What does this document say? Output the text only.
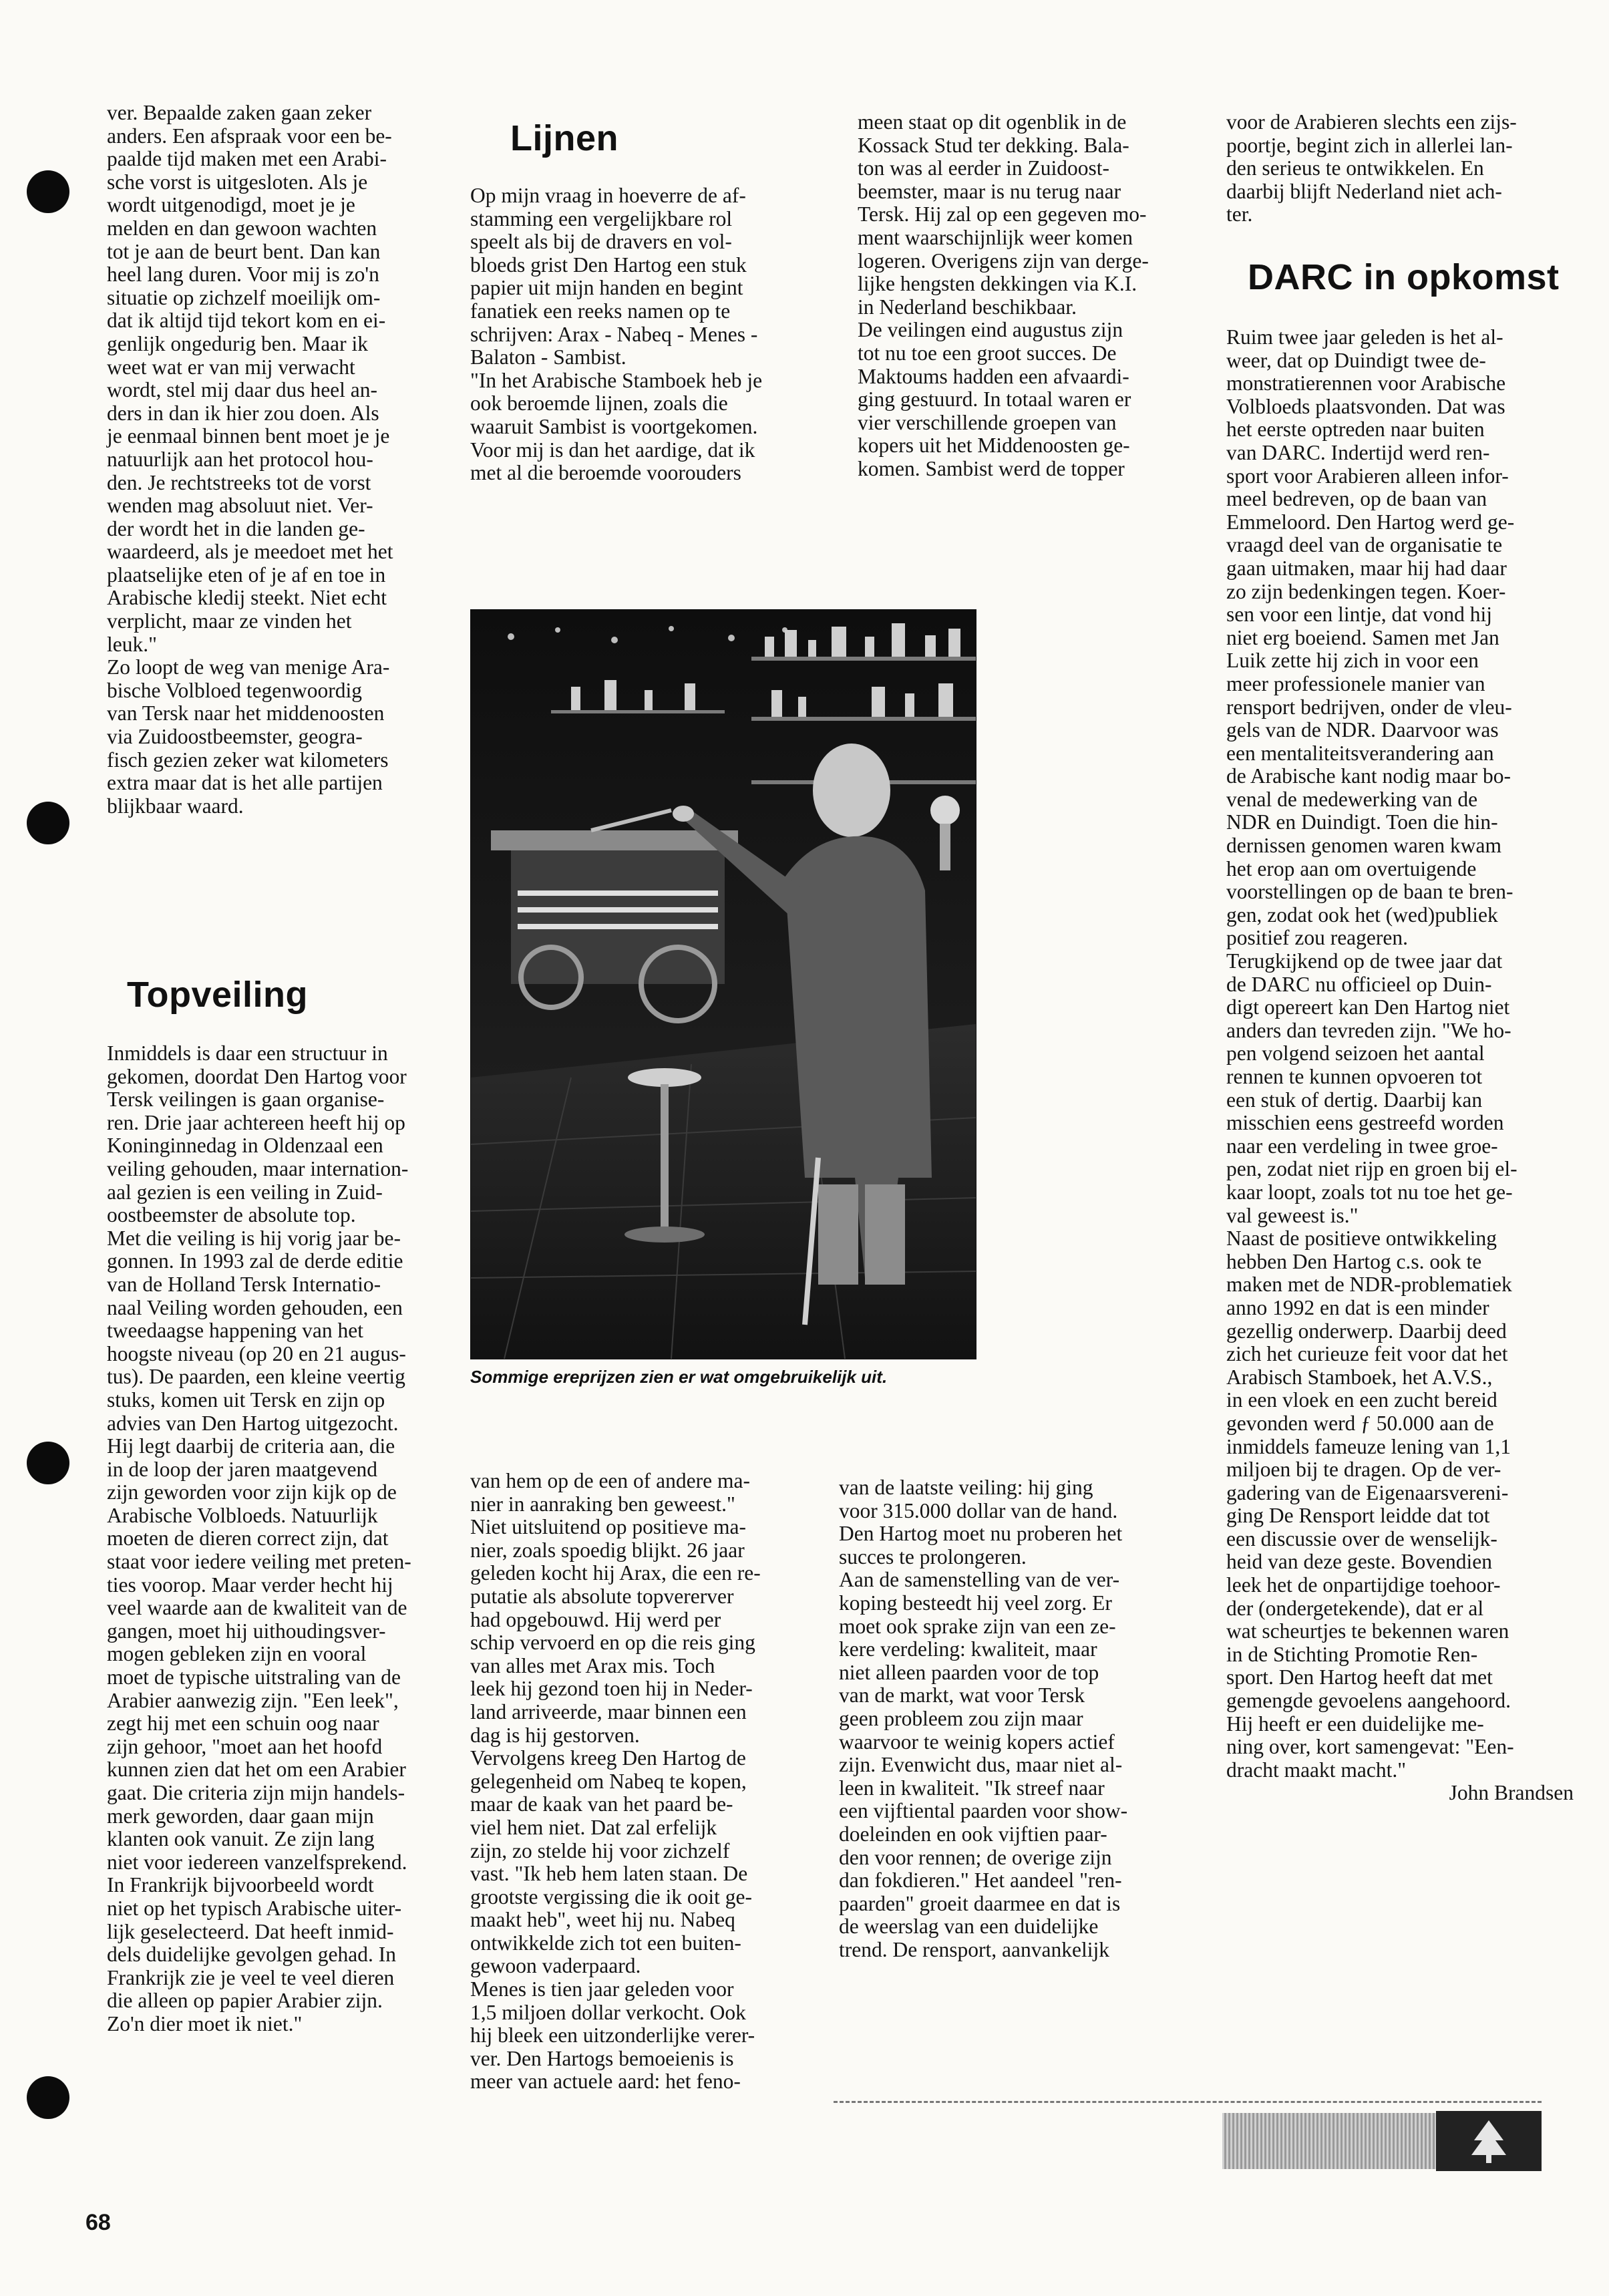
ver. Bepaalde zaken gaan zeker
anders. Een afspraak voor een be-
paalde tijd maken met een Arabi-
sche vorst is uitgesloten. Als je
wordt uitgenodigd, moet je je
melden en dan gewoon wachten
tot je aan de beurt bent. Dan kan
heel lang duren. Voor mij is zo'n
situatie op zichzelf moeilijk om-
dat ik altijd tijd tekort kom en ei-
genlijk ongedurig ben. Maar ik
weet wat er van mij verwacht
wordt, stel mij daar dus heel an-
ders in dan ik hier zou doen. Als
je eenmaal binnen bent moet je je
natuurlijk aan het protocol hou-
den. Je rechtstreeks tot de vorst
wenden mag absoluut niet. Ver-
der wordt het in die landen ge-
waardeerd, als je meedoet met het
plaatselijke eten of je af en toe in
Arabische kledij steekt. Niet echt
verplicht, maar ze vinden het
leuk."

Zo loopt de weg van menige Ara-
bische Volbloed tegenwoordig
van Tersk naar het middenoosten
via Zuidoostbeemster, geogra-
fisch gezien zeker wat kilometers
extra maar dat is het alle partijen
blijkbaar waard.

Topveiling

Inmiddels is daar een structuur in
gekomen, doordat Den Hartog voor
Tersk veilingen is gaan organise-
ren. Drie jaar achtereen heeft hij op
Koninginnedag in Oldenzaal een
veiling gehouden, maar internation-
aal gezien is een veiling in Zuid-
oostbeemster de absolute top.

Met die veiling is hij vorig jaar be-
gonnen. In 1993 zal de derde editie
van de Holland Tersk Internatio-
naal Veiling worden gehouden, een
tweedaagse happening van het
hoogste niveau (op 20 en 21 augus-
tus). De paarden, een kleine veertig
stuks, komen uit Tersk en zijn op
advies van Den Hartog uitgezocht.
Hij legt daarbij de criteria aan, die
in de loop der jaren maatgevend
zijn geworden voor zijn kijk op de
Arabische Volbloeds. Natuurlijk
moeten de dieren correct zijn, dat
staat voor iedere veiling met preten-
ties voorop. Maar verder hecht hij
veel waarde aan de kwaliteit van de
gangen, moet hij uithoudingsver-
mogen gebleken zijn en vooral
moet de typische uitstraling van de
Arabier aanwezig zijn. "Een leek",
zegt hij met een schuin oog naar
zijn gehoor, "moet aan het hoofd
kunnen zien dat het om een Arabier
gaat. Die criteria zijn mijn handels-
merk geworden, daar gaan mijn
klanten ook vanuit. Ze zijn lang
niet voor iedereen vanzelfsprekend.
In Frankrijk bijvoorbeeld wordt
niet op het typisch Arabische uiter-
lijk geselecteerd. Dat heeft inmid-
dels duidelijke gevolgen gehad. In
Frankrijk zie je veel te veel dieren
die alleen op papier Arabier zijn.
Zo'n dier moet ik niet."

Lijnen

Op mijn vraag in hoeverre de af-
stamming een vergelijkbare rol
speelt als bij de dravers en vol-
bloeds grist Den Hartog een stuk
papier uit mijn handen en begint
fanatiek een reeks namen op te
schrijven: Arax - Nabeq - Menes -
Balaton - Sambist.

"In het Arabische Stamboek heb je
ook beroemde lijnen, zoals die
waaruit Sambist is voortgekomen.
Voor mij is dan het aardige, dat ik
met al die beroemde voorouders

meen staat op dit ogenblik in de
Kossack Stud ter dekking. Bala-
ton was al eerder in Zuidoost-
beemster, maar is nu terug naar
Tersk. Hij zal op een gegeven mo-
ment waarschijnlijk weer komen
logeren. Overigens zijn van derge-
lijke hengsten dekkingen via K.I.
in Nederland beschikbaar.

De veilingen eind augustus zijn
tot nu toe een groot succes. De
Maktoums hadden een afvaardi-
ging gestuurd. In totaal waren er
vier verschillende groepen van
kopers uit het Middenoosten ge-
komen. Sambist werd de topper

Sommige ereprijzen zien er wat omgebruikelijk uit.

van hem op de een of andere ma-
nier in aanraking ben geweest."
Niet uitsluitend op positieve ma-
nier, zoals spoedig blijkt. 26 jaar
geleden kocht hij Arax, die een re-
putatie als absolute topvererver
had opgebouwd. Hij werd per
schip vervoerd en op die reis ging
van alles met Arax mis. Toch
leek hij gezond toen hij in Neder-
land arriveerde, maar binnen een
dag is hij gestorven.

Vervolgens kreeg Den Hartog de
gelegenheid om Nabeq te kopen,
maar de kaak van het paard be-
viel hem niet. Dat zal erfelijk
zijn, zo stelde hij voor zichzelf
vast. "Ik heb hem laten staan. De
grootste vergissing die ik ooit ge-
maakt heb", weet hij nu. Nabeq
ontwikkelde zich tot een buiten-
gewoon vaderpaard.

Menes is tien jaar geleden voor
1,5 miljoen dollar verkocht. Ook
hij bleek een uitzonderlijke verer-
ver. Den Hartogs bemoeienis is
meer van actuele aard: het feno-

van de laatste veiling: hij ging
voor 315.000 dollar van de hand.
Den Hartog moet nu proberen het
succes te prolongeren.

Aan de samenstelling van de ver-
koping besteedt hij veel zorg. Er
moet ook sprake zijn van een ze-
kere verdeling: kwaliteit, maar
niet alleen paarden voor de top
van de markt, wat voor Tersk
geen probleem zou zijn maar
waarvoor te weinig kopers actief
zijn. Evenwicht dus, maar niet al-
leen in kwaliteit. "Ik streef naar
een vijftiental paarden voor show-
doeleinden en ook vijftien paar-
den voor rennen; de overige zijn
dan fokdieren." Het aandeel "ren-
paarden" groeit daarmee en dat is
de weerslag van een duidelijke
trend. De rensport, aanvankelijk

voor de Arabieren slechts een zijs-
poortje, begint zich in allerlei lan-
den serieus te ontwikkelen. En
daarbij blijft Nederland niet ach-
ter.

DARC in opkomst

Ruim twee jaar geleden is het al-
weer, dat op Duindigt twee de-
monstratierennen voor Arabische
Volbloeds plaatsvonden. Dat was
het eerste optreden naar buiten
van DARC. Indertijd werd ren-
sport voor Arabieren alleen infor-
meel bedreven, op de baan van
Emmeloord. Den Hartog werd ge-
vraagd deel van de organisatie te
gaan uitmaken, maar hij had daar
zo zijn bedenkingen tegen. Koer-
sen voor een lintje, dat vond hij
niet erg boeiend. Samen met Jan
Luik zette hij zich in voor een
meer professionele manier van
rensport bedrijven, onder de vleu-
gels van de NDR. Daarvoor was
een mentaliteitsverandering aan
de Arabische kant nodig maar bo-
venal de medewerking van de
NDR en Duindigt. Toen die hin-
dernissen genomen waren kwam
het erop aan om overtuigende
voorstellingen op de baan te bren-
gen, zodat ook het (wed)publiek
positief zou reageren.

Terugkijkend op de twee jaar dat
de DARC nu officieel op Duin-
digt opereert kan Den Hartog niet
anders dan tevreden zijn. "We ho-
pen volgend seizoen het aantal
rennen te kunnen opvoeren tot
een stuk of dertig. Daarbij kan
misschien eens gestreefd worden
naar een verdeling in twee groe-
pen, zodat niet rijp en groen bij el-
kaar loopt, zoals tot nu toe het ge-
val geweest is."

Naast de positieve ontwikkeling
hebben Den Hartog c.s. ook te
maken met de NDR-problematiek
anno 1992 en dat is een minder
gezellig onderwerp. Daarbij deed
zich het curieuze feit voor dat het
Arabisch Stamboek, het A.V.S.,
in een vloek en een zucht bereid
gevonden werd ƒ 50.000 aan de
inmiddels fameuze lening van 1,1
miljoen bij te dragen. Op de ver-
gadering van de Eigenaarsvereni-
ging De Rensport leidde dat tot
een discussie over de wenselijk-
heid van deze geste. Bovendien
leek het de onpartijdige toehoor-
der (ondergetekende), dat er al
wat scheurtjes te bekennen waren
in de Stichting Promotie Ren-
sport. Den Hartog heeft dat met
gemengde gevoelens aangehoord.
Hij heeft er een duidelijke me-
ning over, kort samengevat: "Een-
dracht maakt macht."

John Brandsen

68
